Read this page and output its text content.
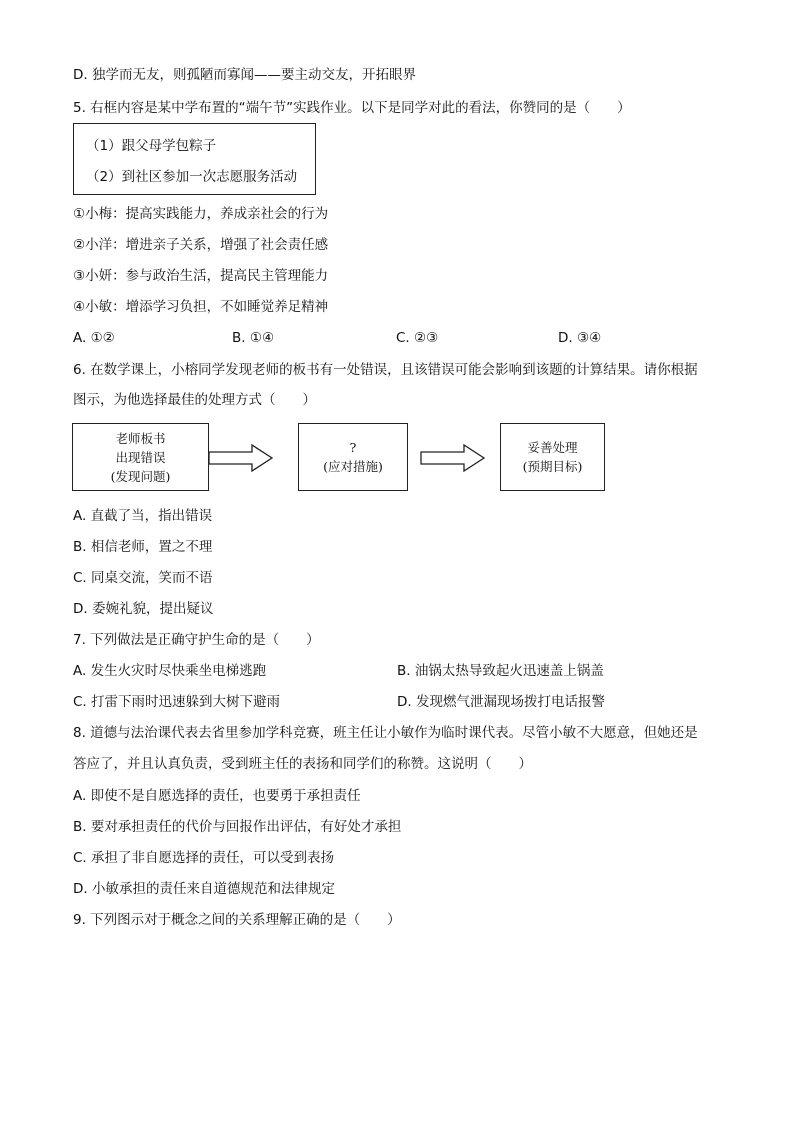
D. 独学而无友，则孤陋而寡闻——要主动交友，开拓眼界
5. 右框内容是某中学布置的“端午节”实践作业。以下是同学对此的看法，你赞同的是（　　）
（1）跟父母学包粽子
（2）到社区参加一次志愿服务活动
①小梅：提高实践能力，养成亲社会的行为
②小洋：增进亲子关系，增强了社会责任感
③小妍：参与政治生活，提高民主管理能力
④小敏：增添学习负担，不如睡觉养足精神
A. ①②	B. ①④	C. ②③	D. ③④
6. 在数学课上，小榕同学发现老师的板书有一处错误，且该错误可能会影响到该题的计算结果。请你根据
图示，为他选择最佳的处理方式（　　）
老师板书
出现错误
(发现问题)
?
(应对措施)
妥善处理
(预期目标)
A. 直截了当，指出错误
B. 相信老师，置之不理
C. 同桌交流，笑而不语
D. 委婉礼貌，提出疑议
7. 下列做法是正确守护生命的是（　　）
A. 发生火灾时尽快乘坐电梯逃跑	B. 油锅太热导致起火迅速盖上锅盖
C. 打雷下雨时迅速躲到大树下避雨	D. 发现燃气泄漏现场拨打电话报警
8. 道德与法治课代表去省里参加学科竞赛，班主任让小敏作为临时课代表。尽管小敏不大愿意，但她还是
答应了，并且认真负责，受到班主任的表扬和同学们的称赞。这说明（　　）
A. 即使不是自愿选择的责任，也要勇于承担责任
B. 要对承担责任的代价与回报作出评估，有好处才承担
C. 承担了非自愿选择的责任，可以受到表扬
D. 小敏承担的责任来自道德规范和法律规定
9. 下列图示对于概念之间的关系理解正确的是（　　）
